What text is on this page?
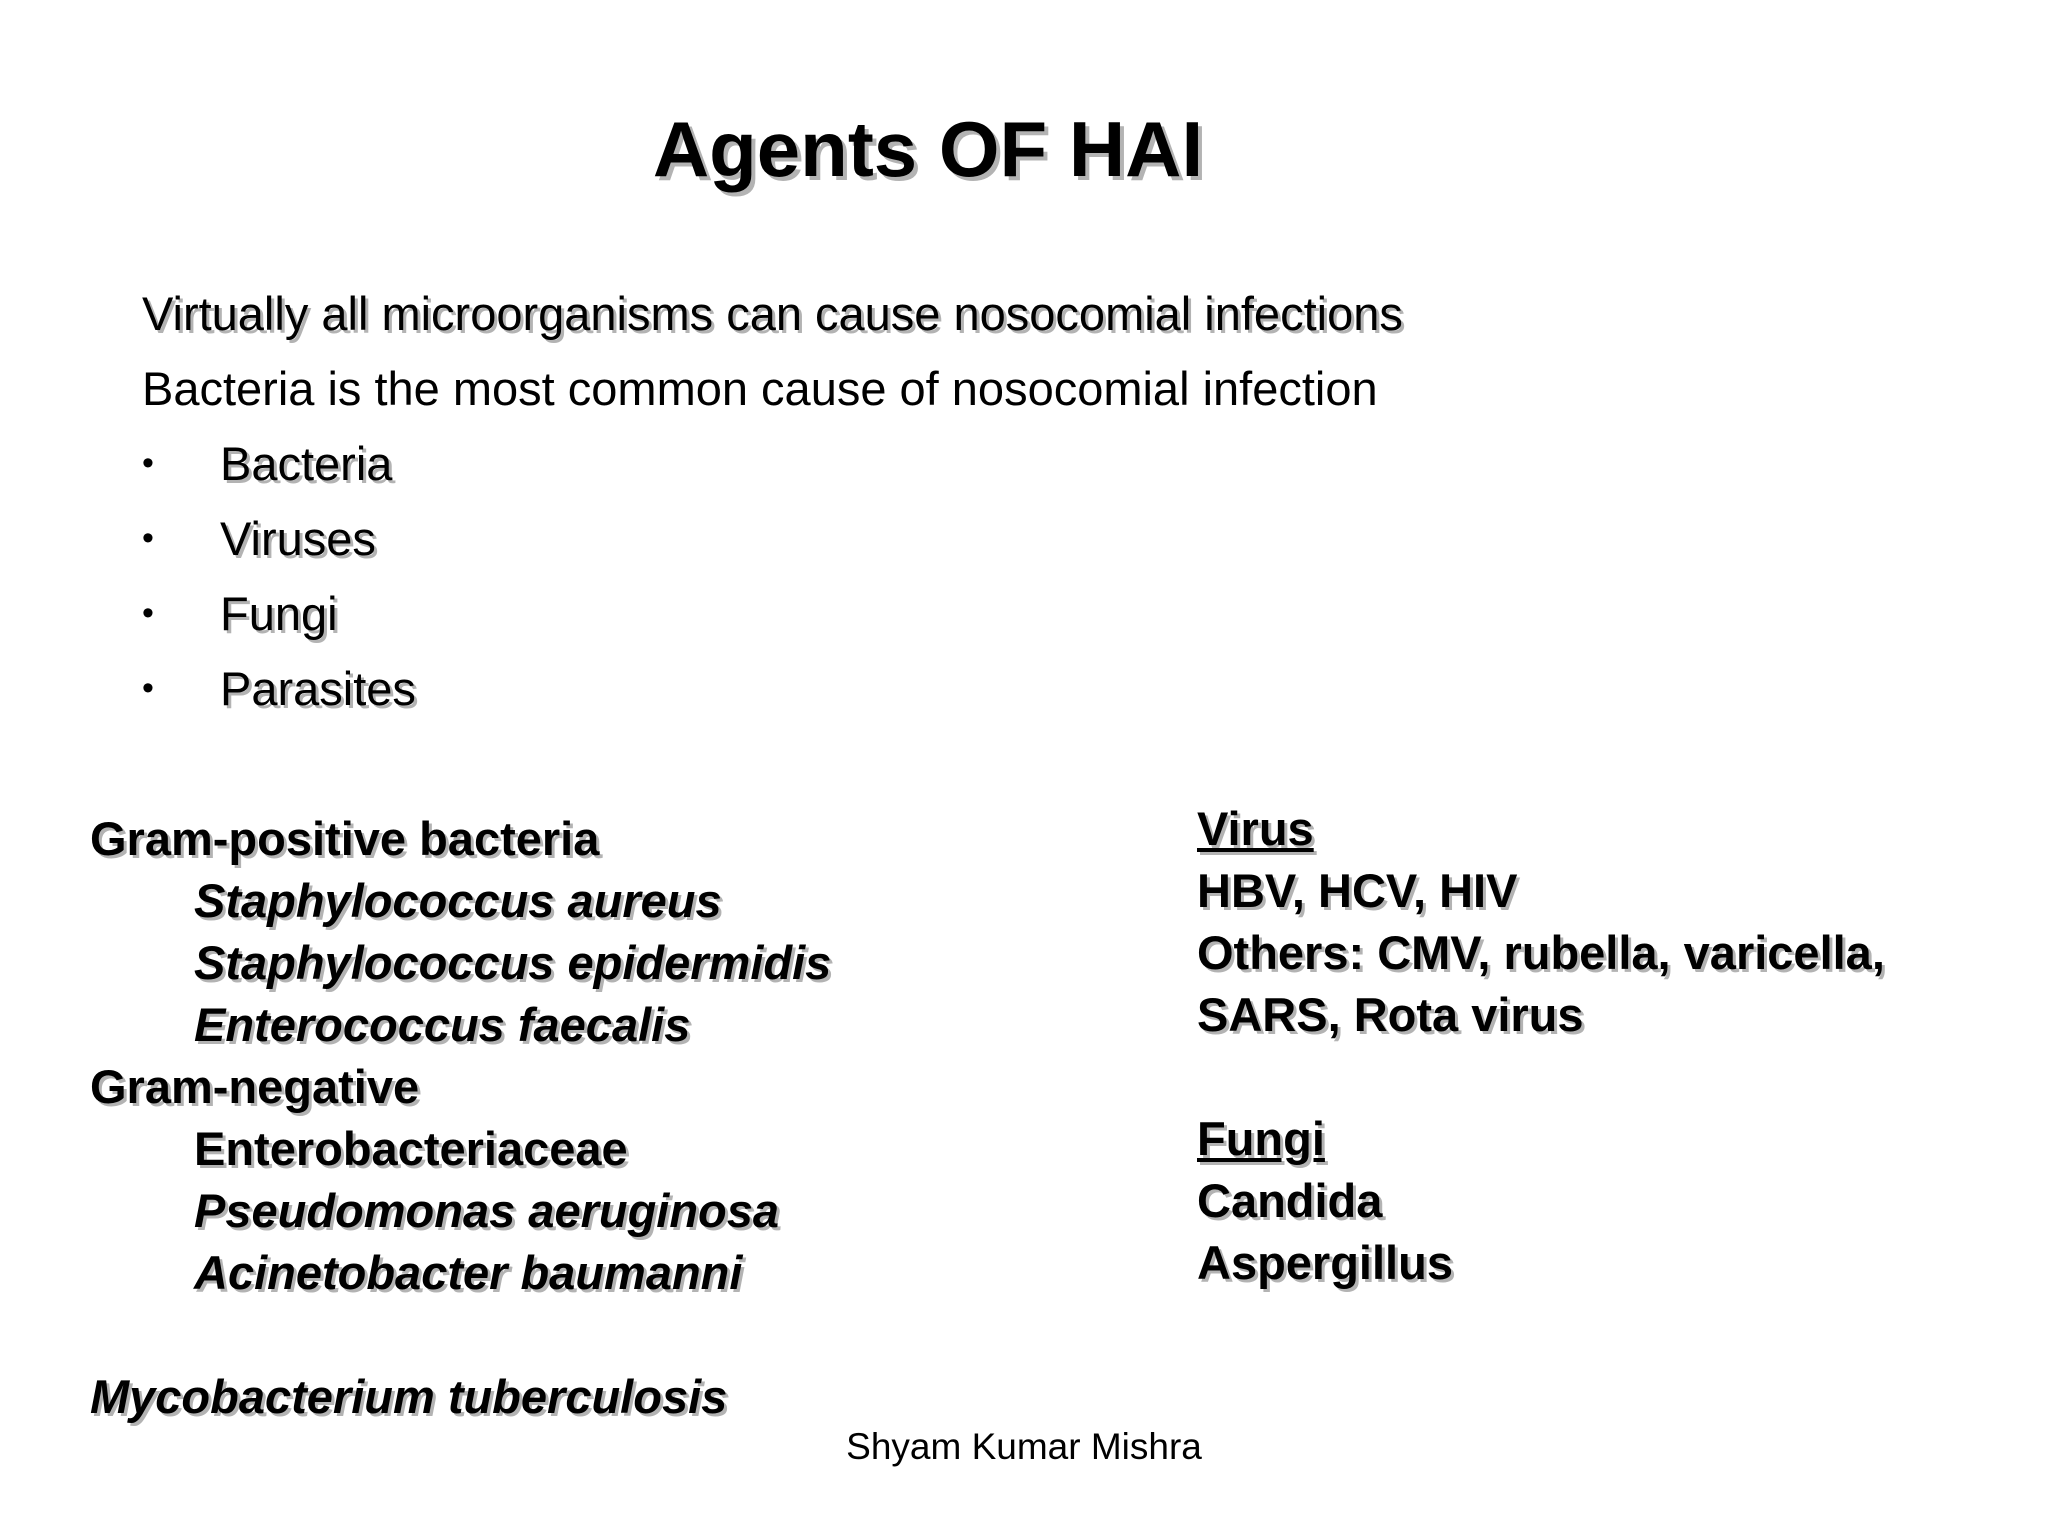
Agents OF HAI
Virtually all microorganisms can cause nosocomial infections
Bacteria is the most common cause of nosocomial infection
•	Bacteria
•	Viruses
•	Fungi
•	Parasites
Gram-positive bacteria
Staphylococcus aureus
Staphylococcus epidermidis
Enterococcus faecalis
Gram-negative
Enterobacteriaceae
Pseudomonas aeruginosa
Acinetobacter baumanni
Mycobacterium tuberculosis
Virus
HBV, HCV, HIV
Others: CMV, rubella, varicella,
SARS, Rota virus
Fungi
Candida
Aspergillus
Shyam Kumar Mishra
